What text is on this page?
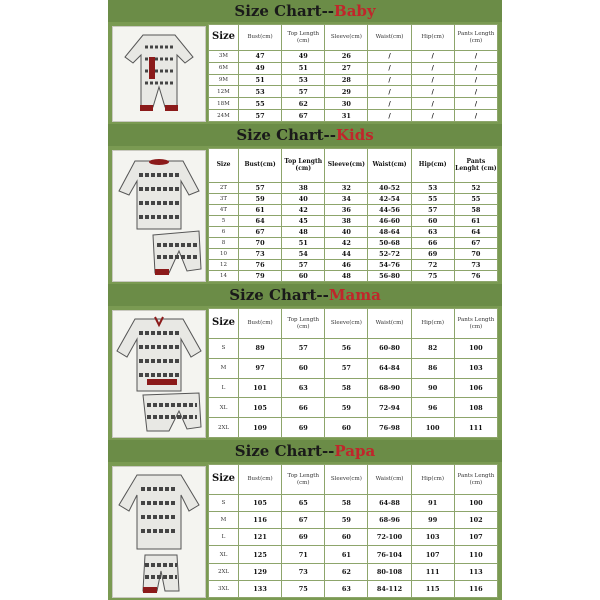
Size Chart--Baby
Size	Bust(cm)	Top Length (cm)	Sleeve(cm)	Waist(cm)	Hip(cm)	Pants Length (cm)
3M	47	49	26	/	/	/
6M	49	51	27	/	/	/
9M	51	53	28	/	/	/
12M	53	57	29	/	/	/
18M	55	62	30	/	/	/
24M	57	67	31	/	/	/
Size Chart--Kids
Size	Bust(cm)	Top Length (cm)	Sleeve(cm)	Waist(cm)	Hip(cm)	Pants Lenght (cm)
2T	57	38	32	40-52	53	52
3T	59	40	34	42-54	55	55
4T	61	42	36	44-56	57	58
5	64	45	38	46-60	60	61
6	67	48	40	48-64	63	64
8	70	51	42	50-68	66	67
10	73	54	44	52-72	69	70
12	76	57	46	54-76	72	73
14	79	60	48	56-80	75	76
Size Chart--Mama
Size	Bust(cm)	Top Length (cm)	Sleeve(cm)	Waist(cm)	Hip(cm)	Pants Length (cm)
S	89	57	56	60-80	82	100
M	97	60	57	64-84	86	103
L	101	63	58	68-90	90	106
XL	105	66	59	72-94	96	108
2XL	109	69	60	76-98	100	111
Size Chart--Papa
Size	Bust(cm)	Top Length (cm)	Sleeve(cm)	Waist(cm)	Hip(cm)	Pants Length (cm)
S	105	65	58	64-88	91	100
M	116	67	59	68-96	99	102
L	121	69	60	72-100	103	107
XL	125	71	61	76-104	107	110
2XL	129	73	62	80-108	111	113
3XL	133	75	63	84-112	115	116
